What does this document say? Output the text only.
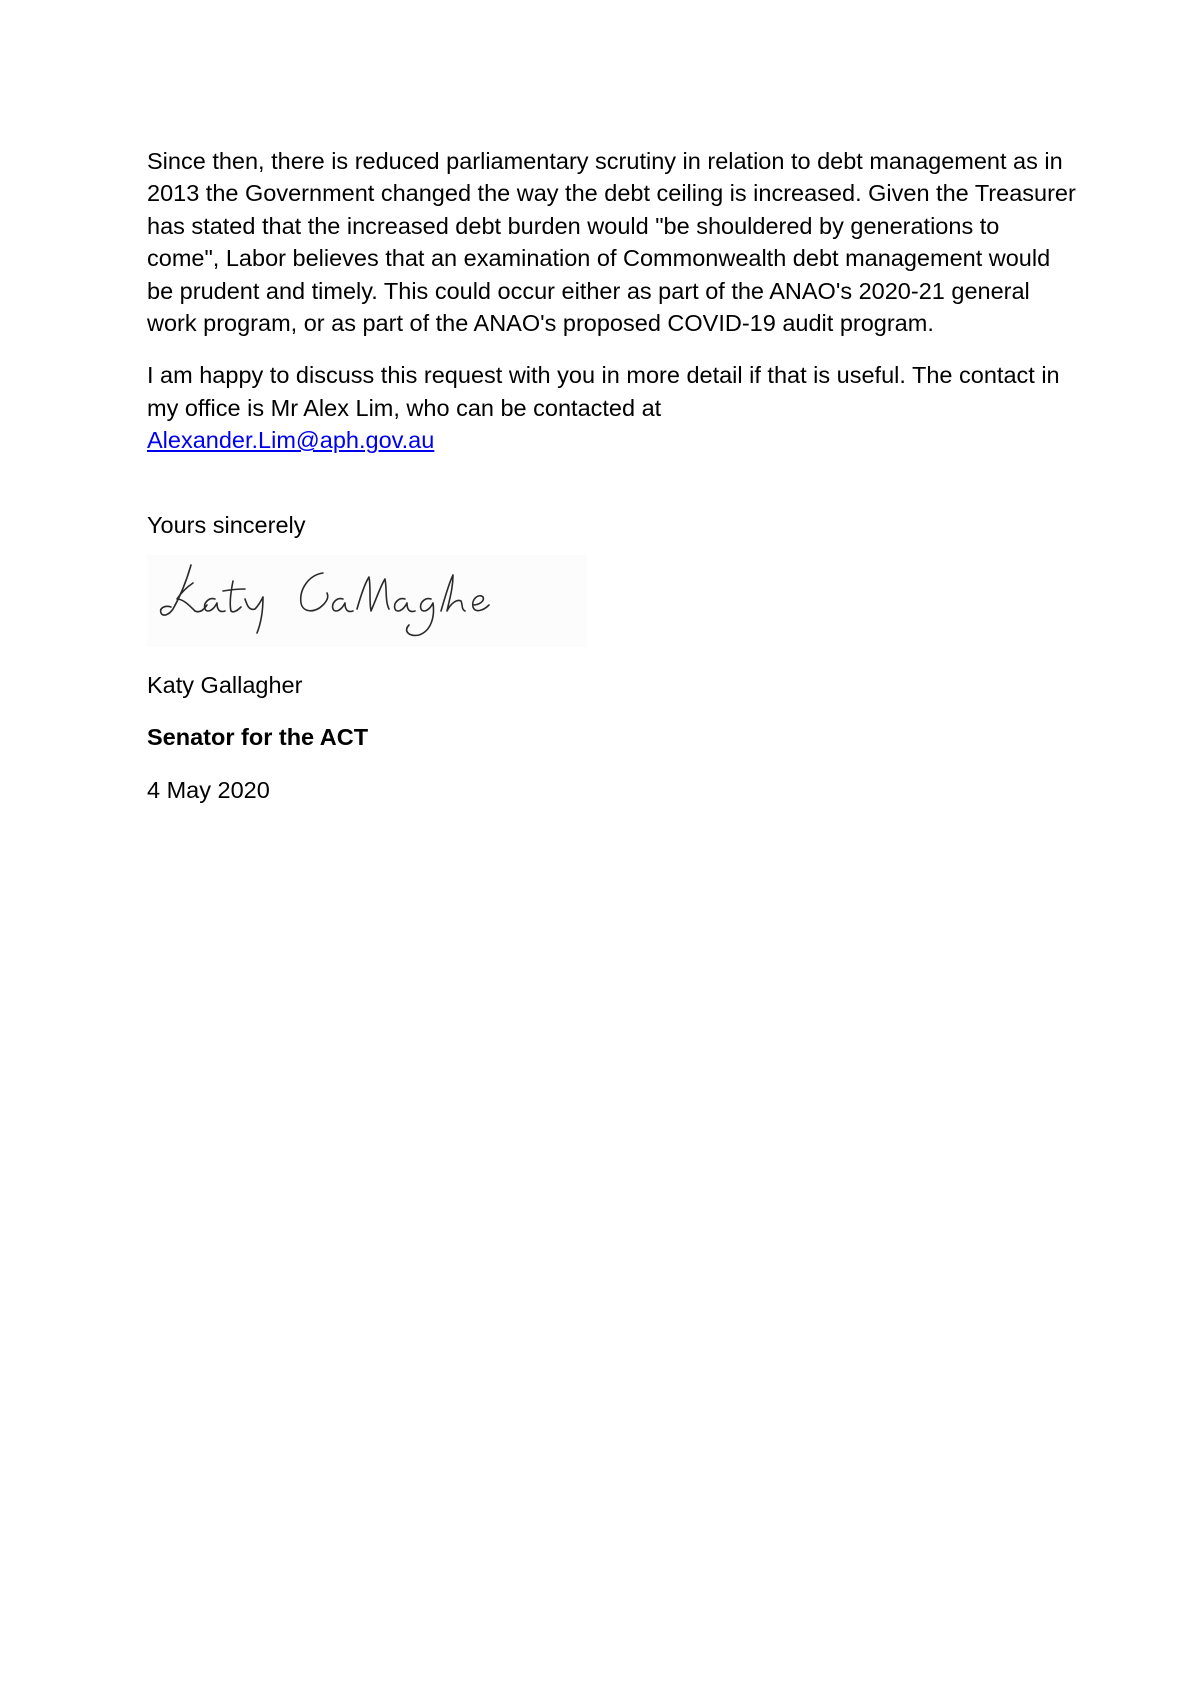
Since then, there is reduced parliamentary scrutiny in relation to debt management as in 2013 the Government changed the way the debt ceiling is increased. Given the Treasurer has stated that the increased debt burden would "be shouldered by generations to come", Labor believes that an examination of Commonwealth debt management would be prudent and timely. This could occur either as part of the ANAO's 2020-21 general work program, or as part of the ANAO's proposed COVID-19 audit program.

I am happy to discuss this request with you in more detail if that is useful. The contact in my office is Mr Alex Lim, who can be contacted at
Alexander.Lim@aph.gov.au

Yours sincerely
Katy Gallagher
Senator for the ACT
4 May 2020
